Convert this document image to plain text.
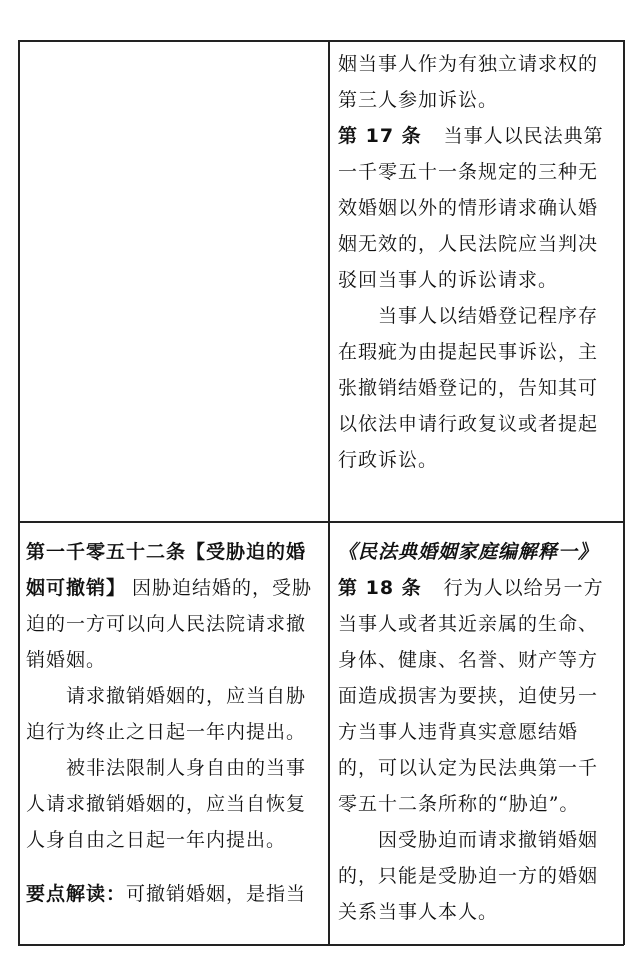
姻当事人作为有独立请求权的

第三人参加诉讼。

第 17 条 当事人以民法典第

一千零五十一条规定的三种无

效婚姻以外的情形请求确认婚

姻无效的，人民法院应当判决

驳回当事人的诉讼请求。

当事人以结婚登记程序存

在瑕疵为由提起民事诉讼，主

张撤销结婚登记的，告知其可

以依法申请行政复议或者提起

行政诉讼。

第一千零五十二条【受胁迫的婚

姻可撤销】 因胁迫结婚的，受胁

迫的一方可以向人民法院请求撤

销婚姻。

请求撤销婚姻的，应当自胁

迫行为终止之日起一年内提出。

被非法限制人身自由的当事

人请求撤销婚姻的，应当自恢复

人身自由之日起一年内提出。

要点解读：可撤销婚姻，是指当

《民法典婚姻家庭编解释一》

第 18 条 行为人以给另一方

当事人或者其近亲属的生命、

身体、健康、名誉、财产等方

面造成损害为要挟，迫使另一

方当事人违背真实意愿结婚

的，可以认定为民法典第一千

零五十二条所称的“胁迫”。

因受胁迫而请求撤销婚姻

的，只能是受胁迫一方的婚姻

关系当事人本人。
